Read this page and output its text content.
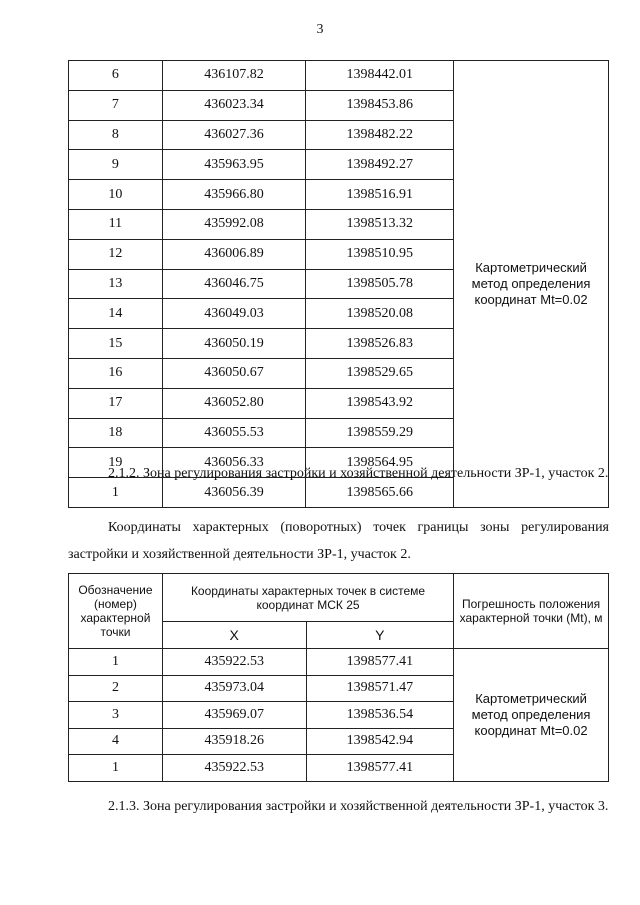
3
6	436107.82	1398442.01	Картометрический метод определения координат Mt=0.02
7	436023.34	1398453.86	
8	436027.36	1398482.22	
9	435963.95	1398492.27	
10	435966.80	1398516.91	
11	435992.08	1398513.32	
12	436006.89	1398510.95	
13	436046.75	1398505.78	
14	436049.03	1398520.08	
15	436050.19	1398526.83	
16	436050.67	1398529.65	
17	436052.80	1398543.92	
18	436055.53	1398559.29	
19	436056.33	1398564.95	
1	436056.39	1398565.66	

2.1.2. Зона регулирования застройки и хозяйственной деятельности ЗР-1, участок 2.

Координаты характерных (поворотных) точек границы зоны регулирования застройки и хозяйственной деятельности ЗР-1, участок 2.

Обозначение (номер) характерной точки	Координаты характерных точек в системе координат МСК 25		Погрешность положения характерной точки (Mt), м
	X	Y	
1	435922.53	1398577.41	Картометрический метод определения координат Mt=0.02
2	435973.04	1398571.47	
3	435969.07	1398536.54	
4	435918.26	1398542.94	
1	435922.53	1398577.41	

2.1.3. Зона регулирования застройки и хозяйственной деятельности ЗР-1, участок 3.
